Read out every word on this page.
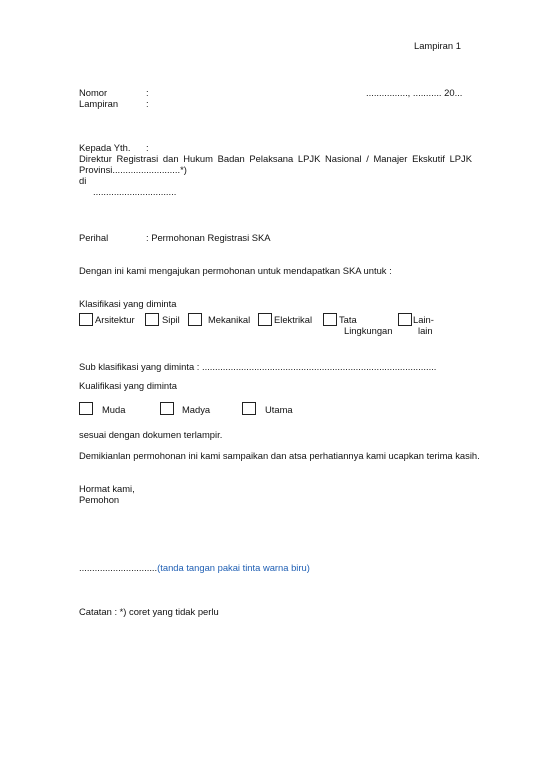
Lampiran 1
Nomor	:	................, ........... 20...
Lampiran	:
Kepada Yth. :
Direktur Registrasi dan Hukum Badan Pelaksana LPJK Nasional / Manajer Ekskutif LPJK
Provinsi..........................*)
di
................................
Perihal	: Permohonan Registrasi SKA
Dengan ini kami mengajukan permohonan untuk mendapatkan SKA untuk :
Klasifikasi yang diminta
Arsitektur	Sipil	Mekanikal	Elektrikal	Tata
Lingkungan
Lain-
lain
Sub klasifikasi yang diminta : ..........................................................................................
Kualifikasi yang diminta
Muda	Madya	Utama
sesuai dengan dokumen terlampir.
Demikianlan permohonan ini kami sampaikan dan atsa perhatiannya kami ucapkan terima kasih.
Hormat kami,
Pemohon
..............................(tanda tangan pakai tinta warna biru)
Catatan : *) coret yang tidak perlu
